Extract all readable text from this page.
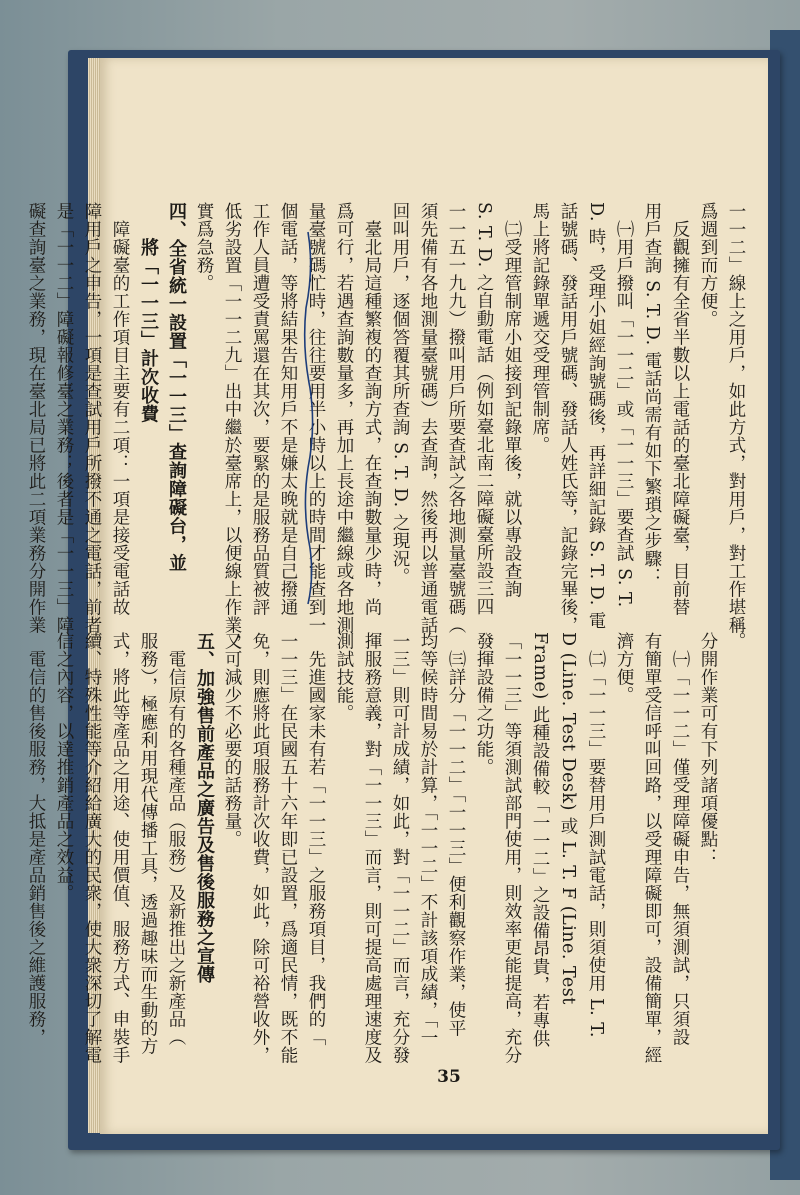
一一二」線上之用戶，如此方式，對用戶，對工作堪稱
爲週到而方便。
反觀擁有全省半數以上電話的臺北障礙臺，目前替
用戶查詢 S. T. D. 電話尚需有如下繁瑣之步驟：
㈠用戶撥叫「一一二」或「一一三」要查試 S. T.
D. 時，受理小姐經詢號碼後，再詳細記錄 S. T. D. 電
話號碼、發話用戶號碼、發話人姓氏等，記錄完畢後，
馬上將記錄單遞交受理管制席。
㈡受理管制席小姐接到記錄單後，就以專設查詢
S. T. D. 之自動電話（例如臺北南二障礙臺所設三四
一一五一九九）撥叫用戶所要查試之各地測量臺號碼（
須先備有各地測量臺號碼）去查詢，然後再以普通電話
回叫用戶，逐個答覆其所查詢 S. T. D. 之現況。
臺北局這種繁複的查詢方式，在查詢數量少時，尚
爲可行，若遇查詢數量多，再加上長途中繼線或各地測
量臺號碼忙時，往往要用半小時以上的時間才能查到一
個電話，等將結果告知用戶不是嫌太晚就是自己撥通
工作人員遭受責罵還在其次，要緊的是服務品質被評
低劣設置「一一二九」出中繼於臺席上，以便線上作業，
實爲急務。
四、全省統一設置「一一三」查詢障礙台，並
將「一一三」計次收費
障礙臺的工作項目主要有二項：一項是接受電話故
障用戶之申告，一項是查試用戶所撥不通之電話，前者
是「一一二」障礙報修臺之業務；後者是「一一三」障
礙查詢臺之業務，現在臺北局已將此二項業務分開作業
。
分開作業可有下列諸項優點：
㈠「一一二」僅受理障礙申告，無須測試，只須設
有簡單受信呼叫回路，以受理障礙即可，設備簡單，經
濟方便。
㈡「一一三」要替用戶測試電話，則須使用 L. T.
D (Line. Test Desk) 或 L. T. F (Line. Test
Frame) 此種設備較「一一二」之設備昂貴，若專供
「一一三」等須測試部門使用，則效率更能提高，充分
發揮設備之功能。
㈢詳分「一一二」「一一三」便利觀察作業，使平
均等候時間易於計算，「一一二」不計該項成績，「一
一三」則可計成績，如此，對「一一二」而言，充分發
揮服務意義，對「一一三」而言，則可提高處理速度及
測試技能。
先進國家未有若「一一三」之服務項目，我們的「
一一三」在民國五十六年即已設置，爲適民情，既不能
免，則應將此項服務計次收費，如此，除可裕營收外，
又可減少不必要的話務量。
五、加強售前產品之廣告及售後服務之宣傳
電信原有的各種產品（服務）及新推出之新產品（
服務），極應利用現代傳播工具，透過趣味而生動的方
式，將此等產品之用途、使用價值、服務方式、申裝手
續、特殊性能等介紹給廣大的民衆，使大衆深切了解電
信之內容，以達推銷產品之效益。
電信的售後服務，大抵是產品銷售後之維護服務，
35
